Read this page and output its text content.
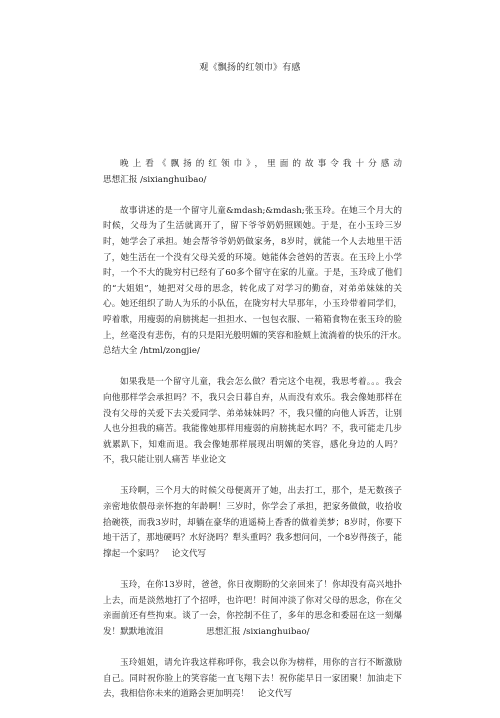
观《飘扬的红领巾》有感

晚上看《飘扬的红领巾》，里面的故事令我十分感动　　　　　　　　　　思想汇报 /sixianghuibao/

故事讲述的是一个留守儿童&mdash;&mdash;张玉玲。在她三个月大的时候，父母为了生活就离开了，留下爷爷奶奶照顾她。于是，在小玉玲三岁时，她学会了承担。她会帮爷爷奶奶做家务，8岁时，就能一个人去地里干活了，她生活在一个没有父母关爱的环境。她能体会爸妈的苦衷。在玉玲上小学时，一个不大的陇穷村已经有了60多个留守在家的儿童。于是，玉玲成了他们的“大姐姐”，她把对父母的思念，转化成了对学习的勤奋，对弟弟妹妹的关心。她还组织了助人为乐的小队伍，在陇穷村大早那年，小玉玲带着同学们，哼着歌，用瘦弱的肩膀挑起一担担水、一包包衣服、一箱箱食物在张玉玲的脸上，丝毫没有悲伤，有的只是阳光般明媚的笑容和脸颊上流淌着的快乐的汗水。　　　　　　总结大全 /html/zongjie/

如果我是一个留守儿童，我会怎么做？看完这个电视，我思考着。。。我会向他那样学会承担吗？不，我只会日暮自弃，从而没有欢乐。我会像她那样在没有父母的关爱下去关爱同学、弟弟妹妹吗？不，我只懂的向他人诉苦，让别人也分担我的痛苦。我能像她那样用瘦弱的肩膀挑起水吗？不，我可能走几步就累趴下，知难而退。我会像她那样展现出明媚的笑容，感化身边的人吗？不，我只能让别人痛苦 毕业论文

玉玲啊，三个月大的时候父母便离开了她，出去打工，那个，是无数孩子亲密地依偎母亲怀抱的年龄啊！三岁时，你学会了承担，把家务做做，收拾收拾碗筷，而我3岁时，却躺在豪华的逍遥椅上香香的做着美梦；8岁时，你要下地干活了，那地硬吗？水好浇吗？犁头重吗？我多想问问，一个8岁得孩子，能撑起一个家吗？　论文代写

玉玲，在你13岁时，爸爸，你日夜期盼的父亲回来了！你却没有高兴地扑上去，而是淡然地打了个招呼，也许吧！时间冲淡了你对父母的思念，你在父亲面前还有些拘束。谈了一会，你控制不住了，多年的思念和委屈在这一刻爆发！默默地流泪　　　　　思想汇报 /sixianghuibao/

玉玲姐姐，请允许我这样称呼你，我会以你为榜样，用你的言行不断激励自己。同时祝你脸上的笑容能一直飞翔下去！祝你能早日一家团聚！加油走下去，我相信你未来的道路会更加明亮！　论文代写
